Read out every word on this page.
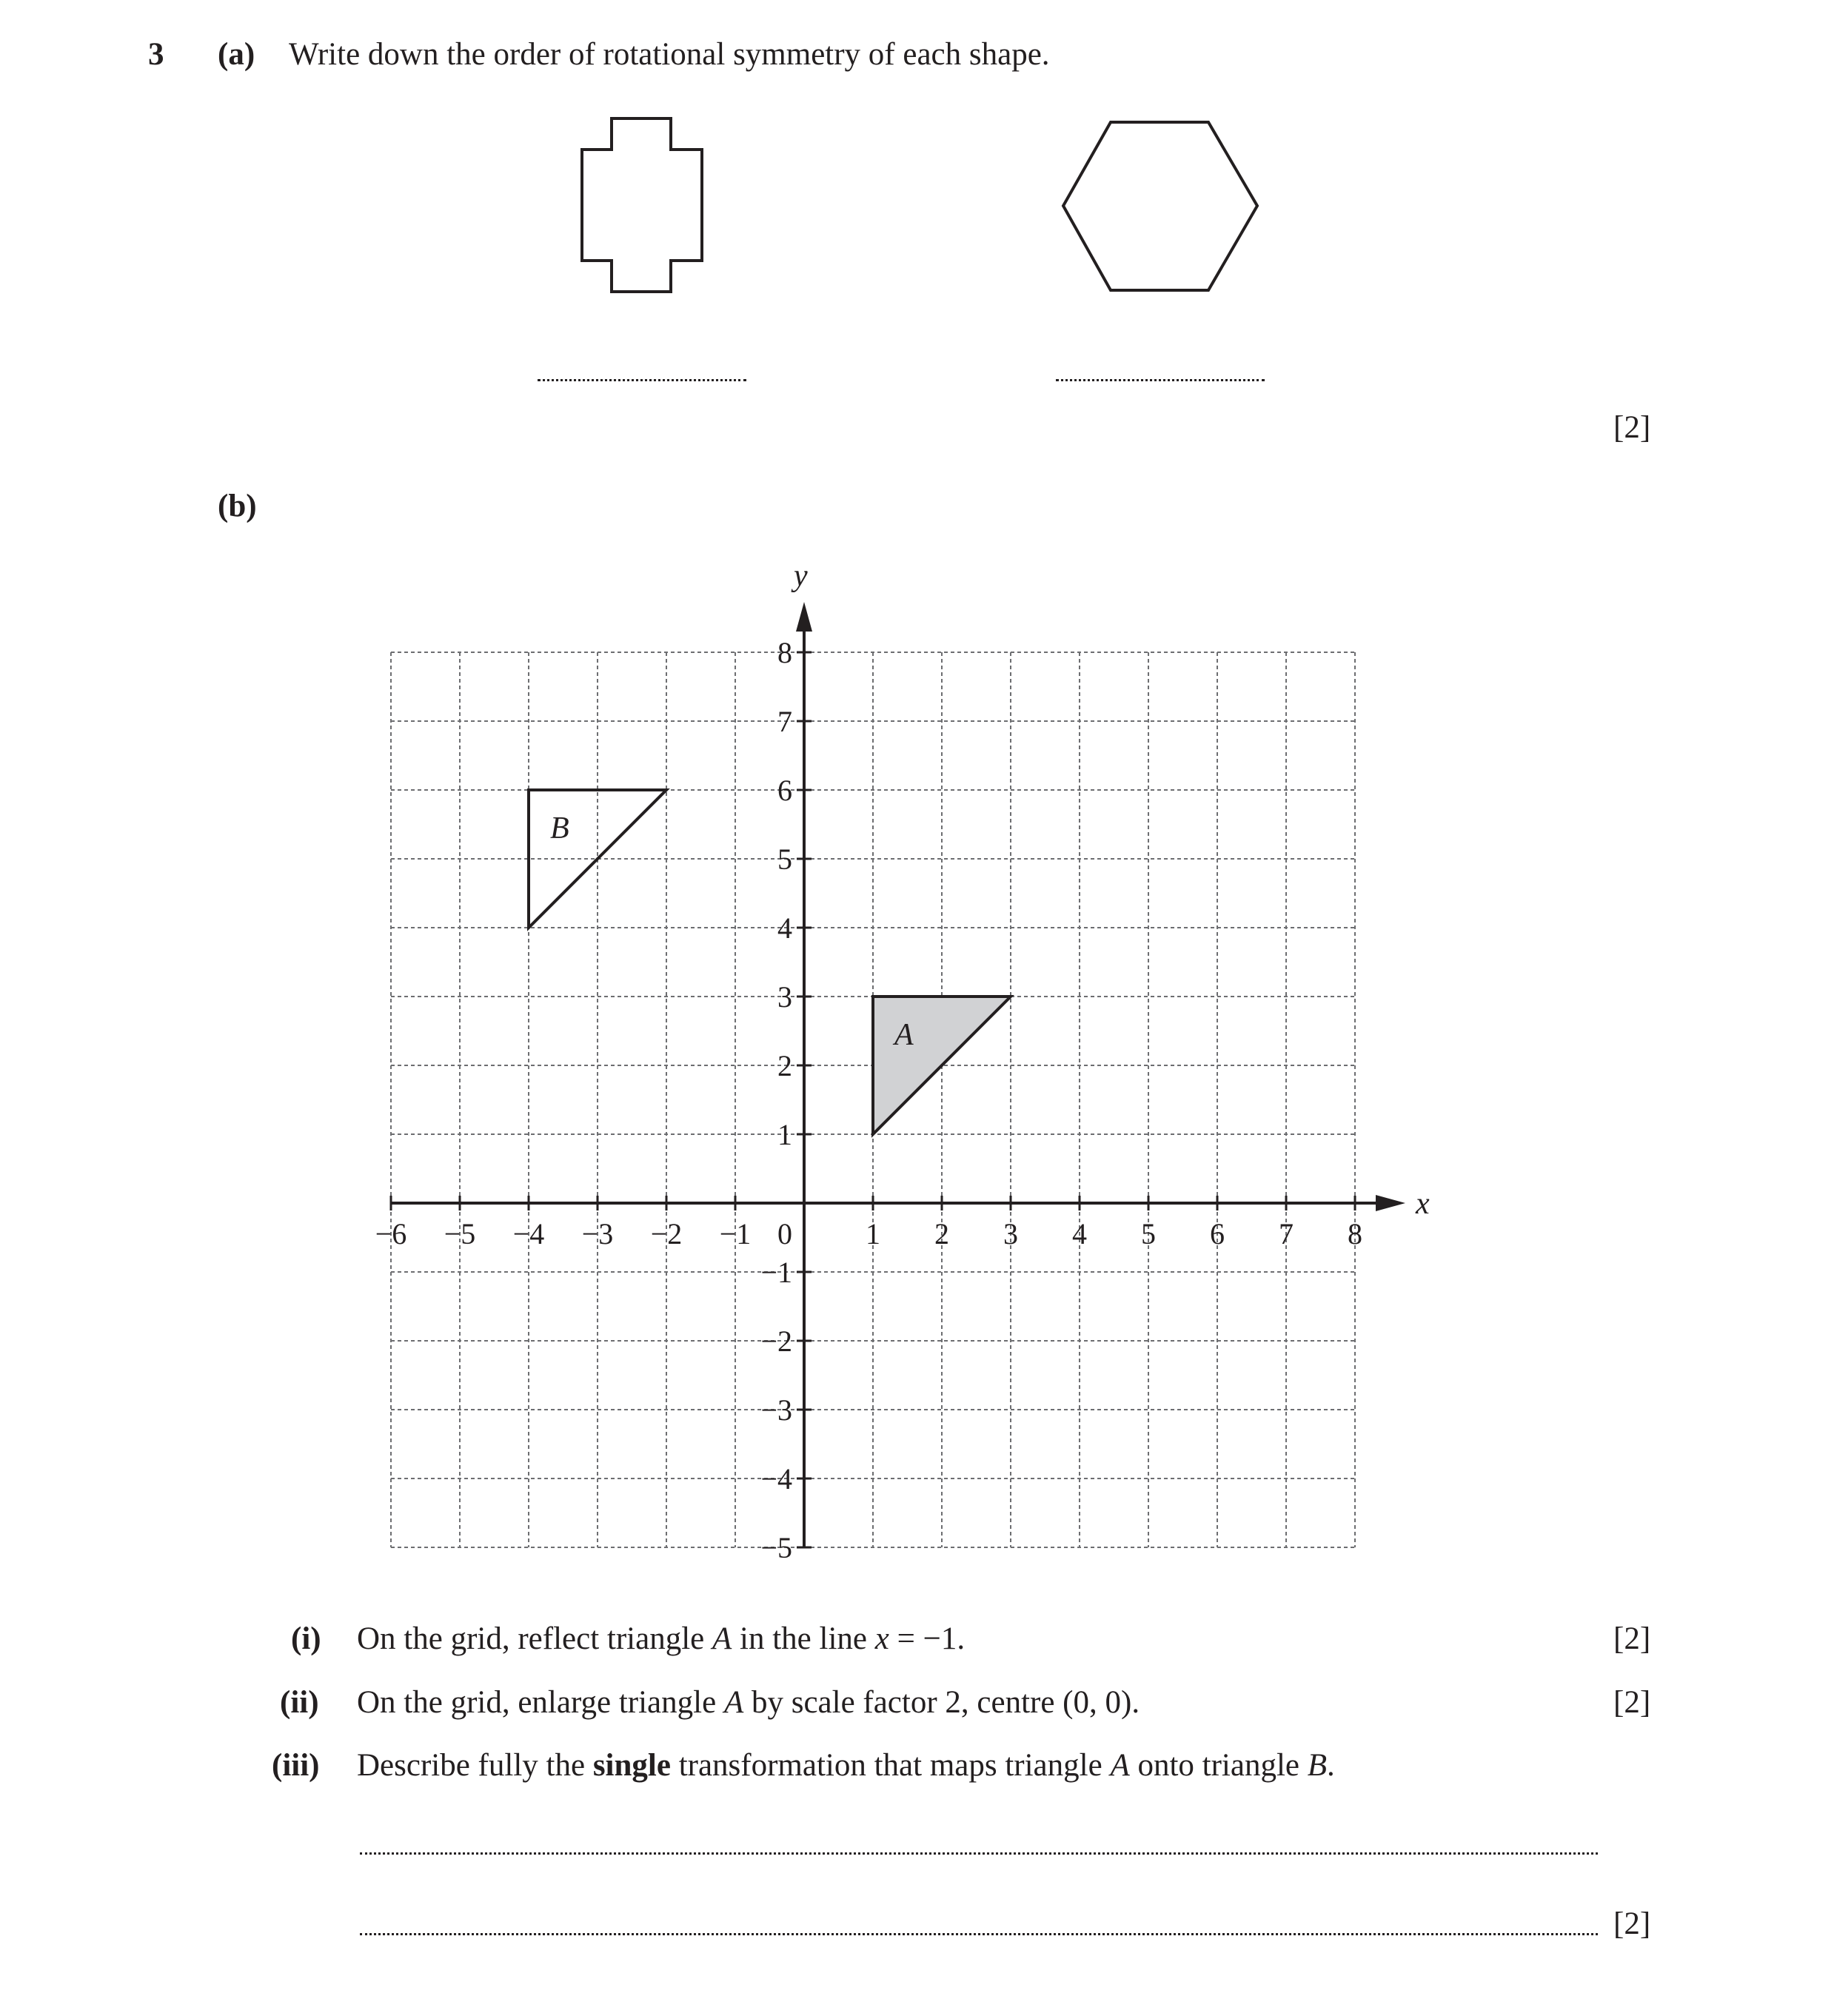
3 (a) Write down the order of rotational symmetry of each shape.
[2]
(b)
x
y
−6 −5 −4 −3 −2 −1	1 2 3 4 5 6 7 8
8
7
6
5
4
3
2
1
−1
−2
−3
−4
−5
0
A
B
(i) On the grid, reflect triangle A in the line x = −1.	[2]
(ii) On the grid, enlarge triangle A by scale factor 2, centre (0, 0).	[2]
(iii) Describe fully the single transformation that maps triangle A onto triangle B.
[2]
